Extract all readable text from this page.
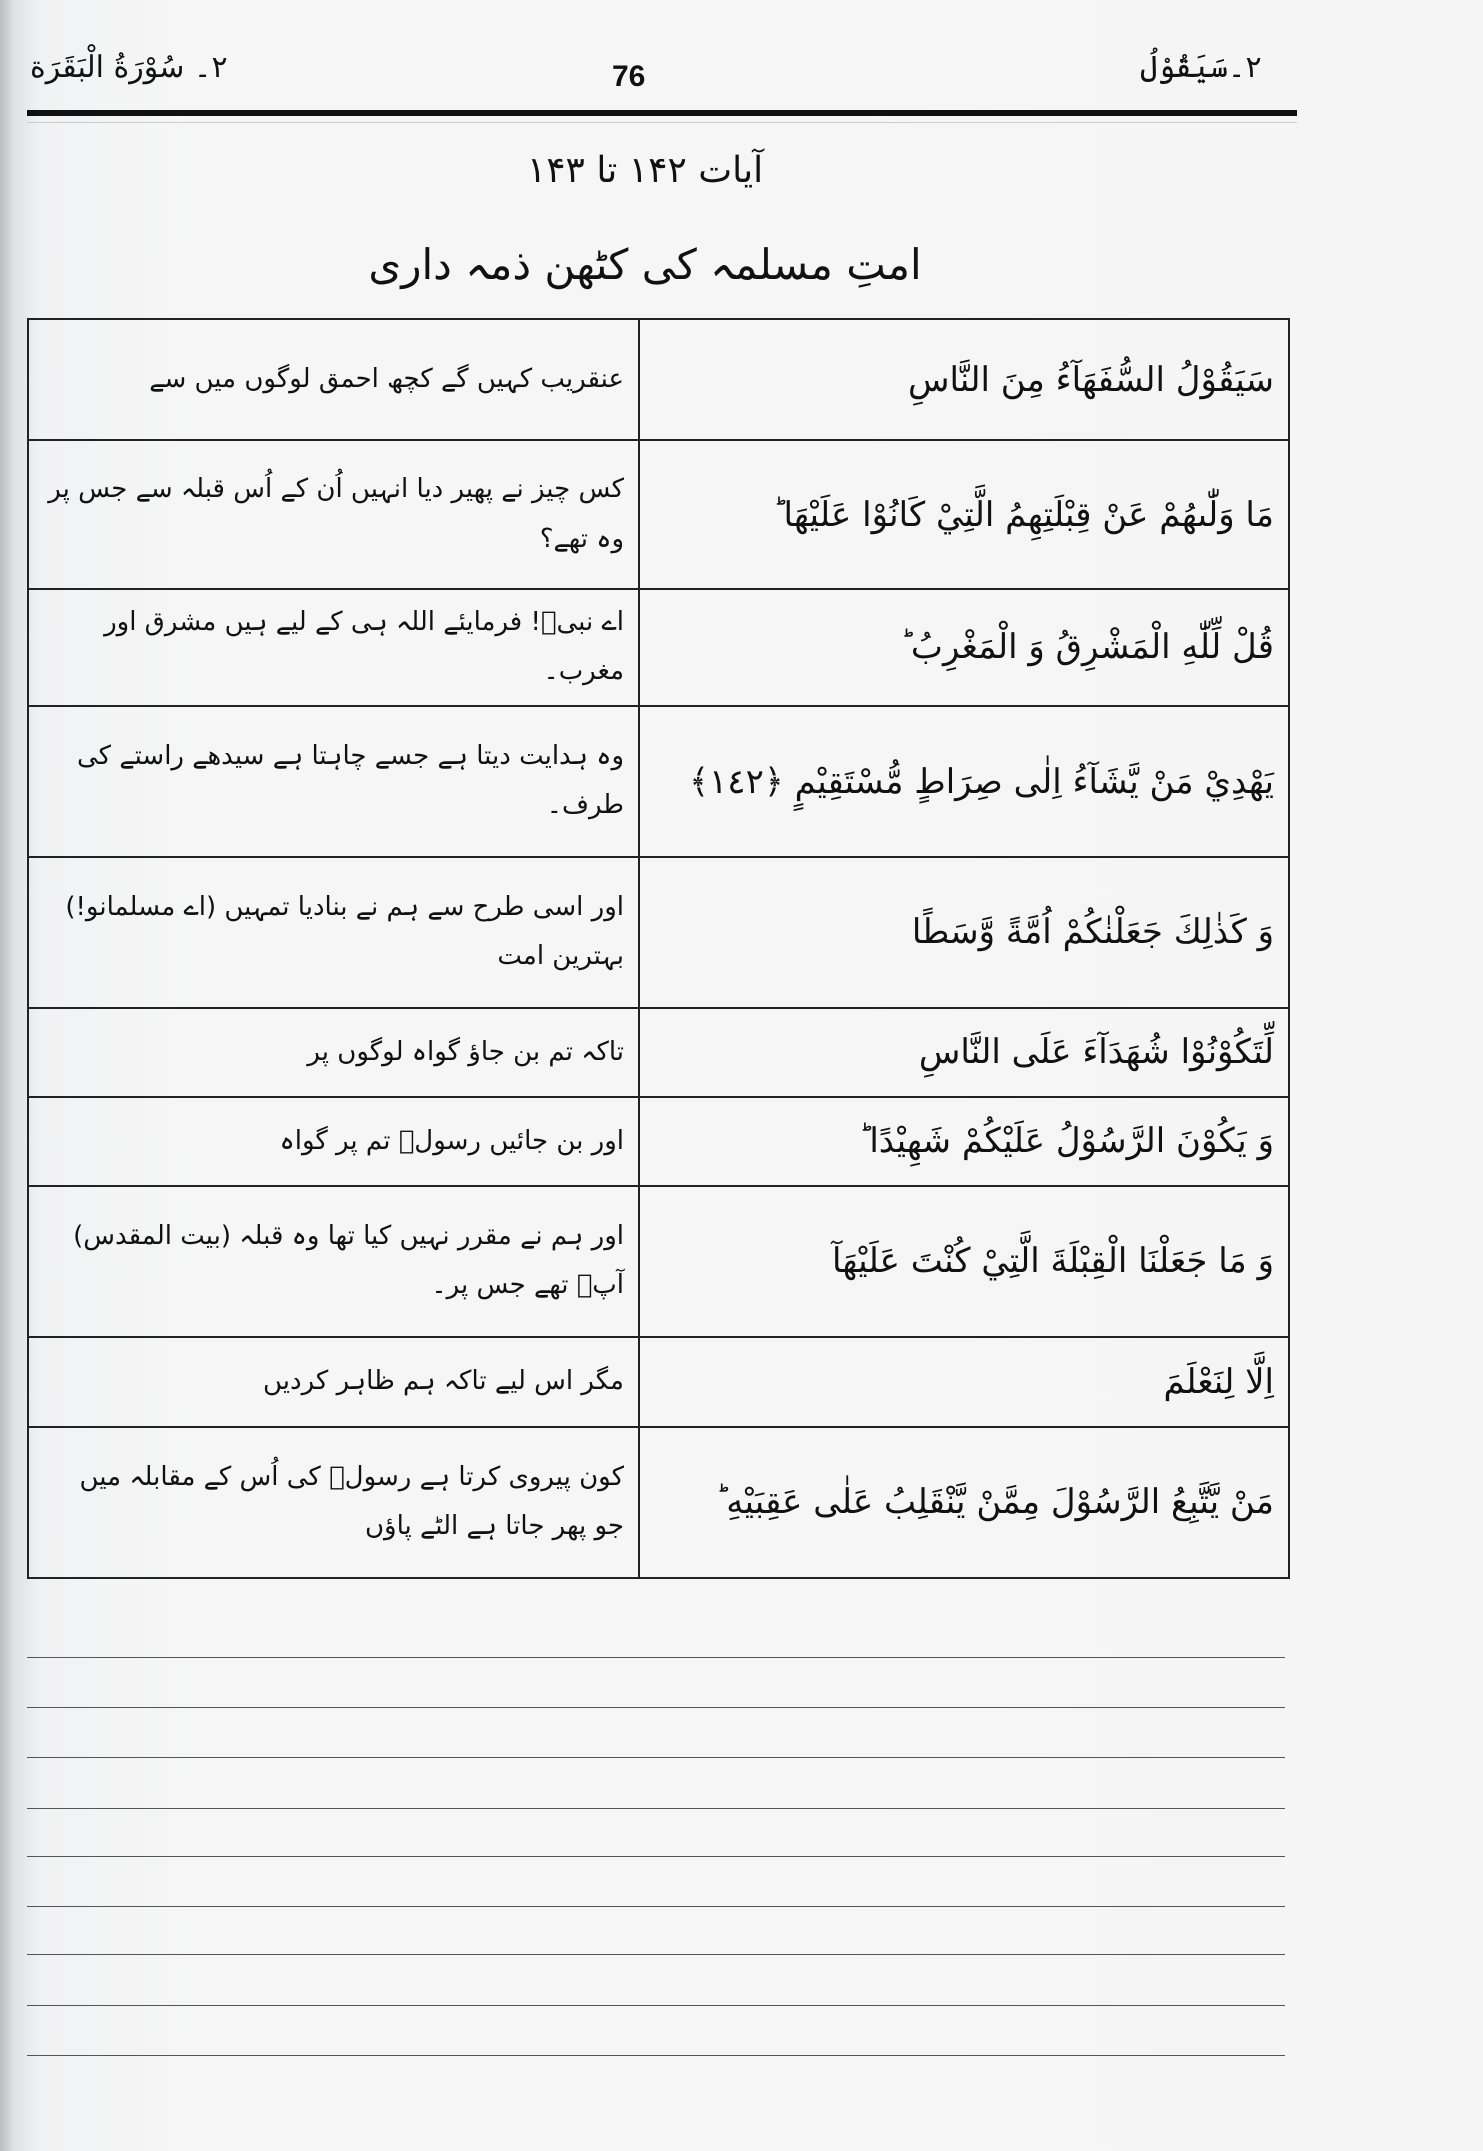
٢۔ سُوْرَةُ الْبَقَرَة	76	٢۔سَيَقُوْلُ
آیات ۱۴۲ تا ۱۴۳
امتِ مسلمہ کی کٹھن ذمہ داری
سَيَقُوْلُ السُّفَهَآءُ مِنَ النَّاسِ	عنقریب کہیں گے کچھ احمق لوگوں میں سے
مَا وَلّٰىهُمْ عَنْ قِبْلَتِهِمُ الَّتِيْ كَانُوْا عَلَيْهَا ؕ	کس چیز نے پھیر دیا انہیں اُن کے اُس قبلہ سے جس پر وہ تھے؟
قُلْ لِّلّٰهِ الْمَشْرِقُ وَ الْمَغْرِبُ ؕ	اے نبیؐ! فرمایئے اللہ ہی کے لیے ہیں مشرق اور مغرب۔
يَهْدِيْ مَنْ يَّشَآءُ اِلٰى صِرَاطٍ مُّسْتَقِيْمٍ ﴿١٤٢﴾	وہ ہدایت دیتا ہے جسے چاہتا ہے سیدھے راستے کی طرف۔
وَ كَذٰلِكَ جَعَلْنٰكُمْ اُمَّةً وَّسَطًا	اور اسی طرح سے ہم نے بنادیا تمہیں (اے مسلمانو!) بہترین امت
لِّتَكُوْنُوْا شُهَدَآءَ عَلَى النَّاسِ	تاکہ تم بن جاؤ گواہ لوگوں پر
وَ يَكُوْنَ الرَّسُوْلُ عَلَيْكُمْ شَهِيْدًا ؕ	اور بن جائیں رسولؐ تم پر گواہ
وَ مَا جَعَلْنَا الْقِبْلَةَ الَّتِيْ كُنْتَ عَلَيْهَآ	اور ہم نے مقرر نہیں کیا تھا وہ قبلہ (بیت المقدس) آپؐ تھے جس پر۔
اِلَّا لِنَعْلَمَ	مگر اس لیے تاکہ ہم ظاہر کردیں
مَنْ يَّتَّبِعُ الرَّسُوْلَ مِمَّنْ يَّنْقَلِبُ عَلٰى عَقِبَيْهِ ؕ	کون پیروی کرتا ہے رسولؐ کی اُس کے مقابلہ میں جو پھر جاتا ہے الٹے پاؤں
